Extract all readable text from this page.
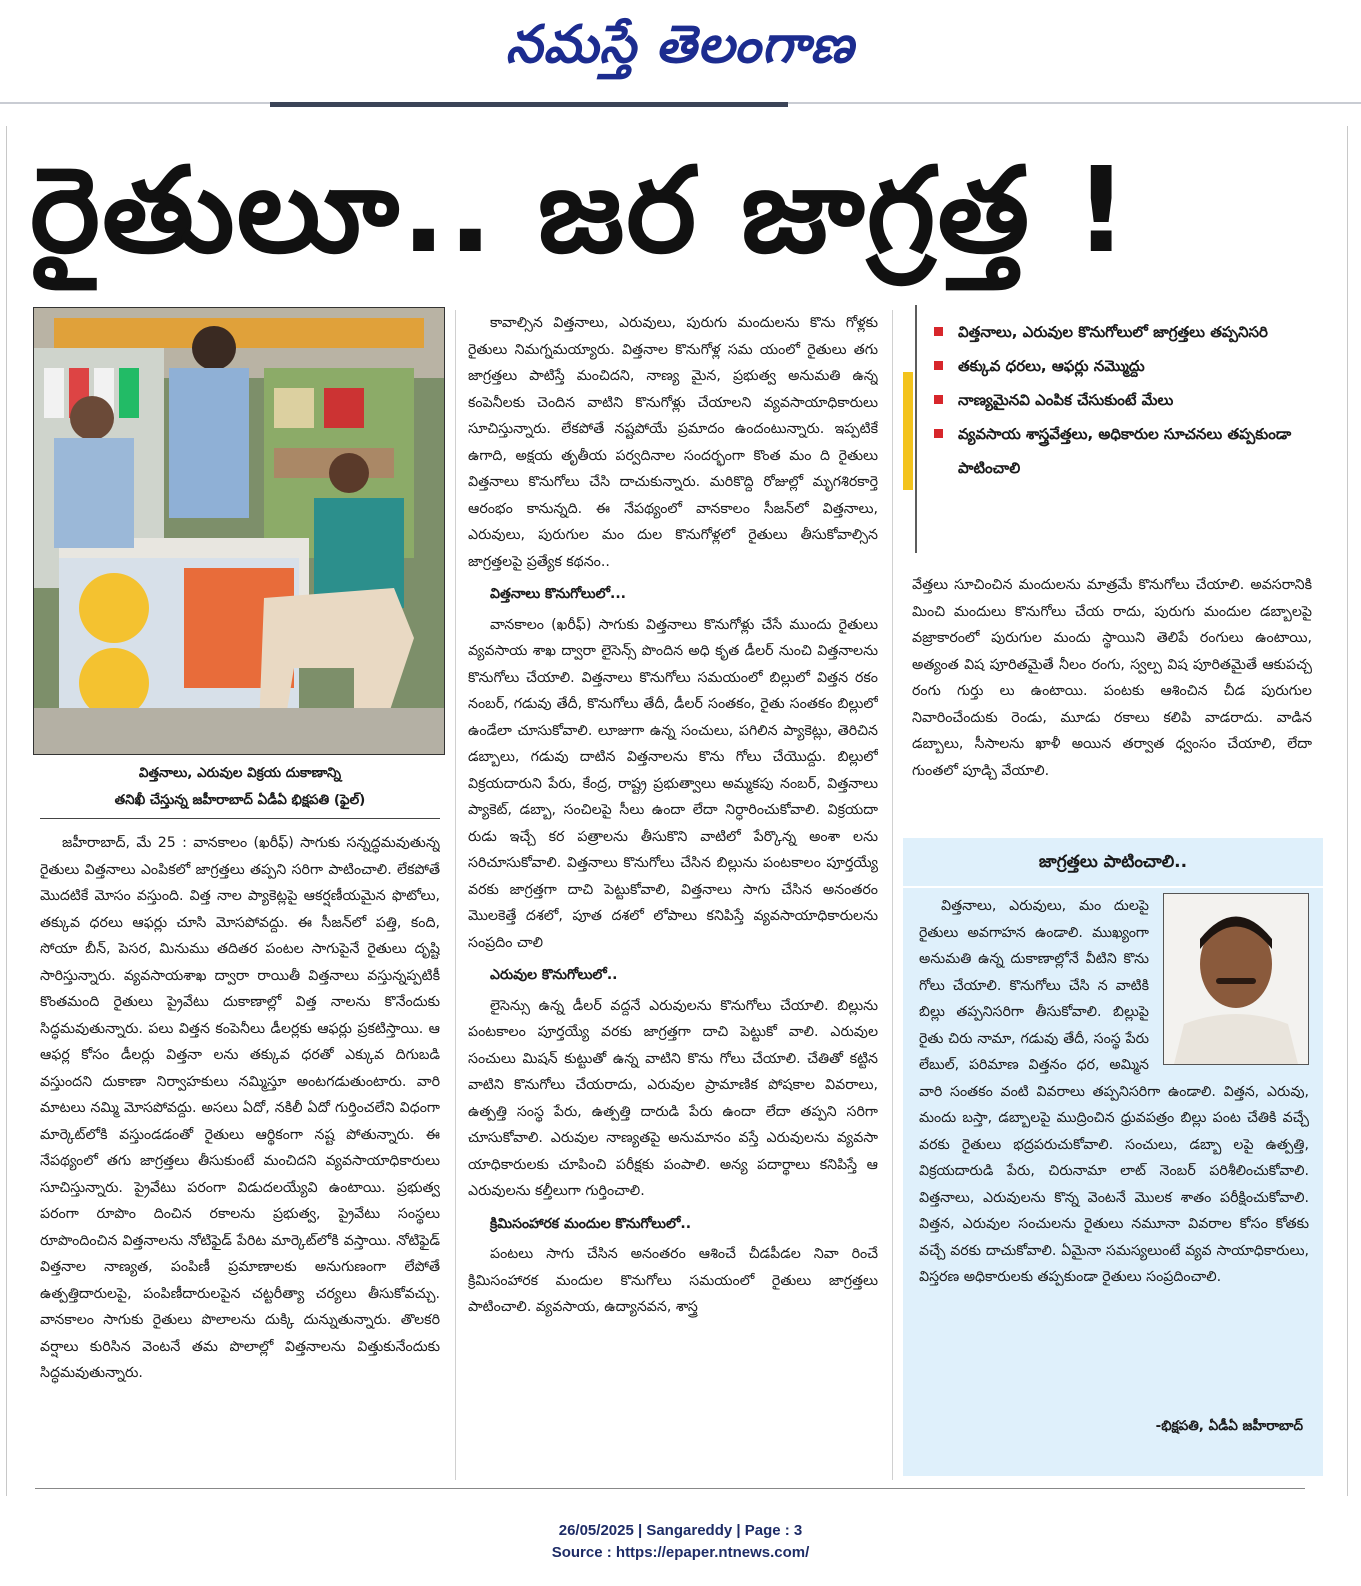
నమస్తే తెలంగాణ
రైతులూ.. జర జాగ్రత్త !
విత్తనాలు, ఎరువుల విక్రయ దుకాణాన్ని
తనిఖీ చేస్తున్న జహీరాబాద్ ఏడీఏ భిక్షపతి (ఫైల్)

జహీరాబాద్, మే 25 : వానకాలం (ఖరీఫ్) సాగుకు సన్నద్ధమవుతున్న రైతులు విత్తనాలు ఎంపికలో జాగ్రత్తలు తప్పని సరిగా పాటించాలి. లేకపోతే మొదటికే మోసం వస్తుంది. విత్త నాల ప్యాకెట్లపై ఆకర్షణీయమైన ఫొటోలు, తక్కువ ధరలు ఆఫర్లు చూసి మోసపోవద్దు. ఈ సీజన్‌లో పత్తి, కంది, సోయా బీన్, పెసర, మినుము తదితర పంటల సాగుపైనే రైతులు దృష్టి సారిస్తున్నారు. వ్యవసాయశాఖ ద్వారా రాయితీ విత్తనాలు వస్తున్నప్పటికీ కొంతమంది రైతులు ప్రైవేటు దుకాణాల్లో విత్త నాలను కొనేందుకు సిద్ధమవుతున్నారు. పలు విత్తన కంపెనీలు డీలర్లకు ఆఫర్లు ప్రకటిస్తాయి. ఆ ఆఫర్ల కోసం డీలర్లు విత్తనా లను తక్కువ ధరతో ఎక్కువ దిగుబడి వస్తుందని దుకాణా నిర్వాహకులు నమ్మిస్తూ అంటగడుతుంటారు. వారి మాటలు నమ్మి మోసపోవద్దు. అసలు ఏదో, నకిలీ ఏదో గుర్తించలేని విధంగా మార్కెట్‌లోకి వస్తుండడంతో రైతులు ఆర్థికంగా నష్ట పోతున్నారు. ఈ నేపథ్యంలో తగు జాగ్రత్తలు తీసుకుంటే మంచిదని వ్యవసాయాధికారులు సూచిస్తున్నారు. ప్రైవేటు పరంగా విడుదలయ్యేవి ఉంటాయి. ప్రభుత్వ పరంగా రూపొం దించిన రకాలను ప్రభుత్వ, ప్రైవేటు సంస్థలు రూపొందించిన విత్తనాలను నోటిఫైడ్ పేరిట మార్కెట్‌లోకి వస్తాయి. నోటిఫైడ్ విత్తనాల నాణ్యత, పంపిణీ ప్రమాణాలకు అనుగుణంగా లేపోతే ఉత్పత్తిదారులపై, పంపిణీదారులపైన చట్టరీత్యా చర్యలు తీసుకోవచ్చు. వానకాలం సాగుకు రైతులు పొలాలను దుక్కి దున్నుతున్నారు. తొలకరి వర్షాలు కురిసిన వెంటనే తమ పొలాల్లో విత్తనాలను విత్తుకునేందుకు సిద్ధమవుతున్నారు.

కావాల్సిన విత్తనాలు, ఎరువులు, పురుగు మందులను కొను గోళ్లకు రైతులు నిమగ్నమయ్యారు. విత్తనాల కొనుగోళ్ల సమ యంలో రైతులు తగు జాగ్రత్తలు పాటిస్తే మంచిదని, నాణ్య మైన, ప్రభుత్వ అనుమతి ఉన్న కంపెనీలకు చెందిన వాటిని కొనుగోళ్లు చేయాలని వ్యవసాయాధికారులు సూచిస్తున్నారు. లేకపోతే నష్టపోయే ప్రమాదం ఉందంటున్నారు. ఇప్పటికే ఉగాది, అక్షయ తృతీయ పర్వదినాల సందర్భంగా కొంత మం ది రైతులు విత్తనాలు కొనుగోలు చేసి దాచుకున్నారు. మరికొద్ది రోజుల్లో మృగశిరకార్తె ఆరంభం కానున్నది. ఈ నేపథ్యంలో వానకాలం సీజన్‌లో విత్తనాలు, ఎరువులు, పురుగుల మం దుల కొనుగోళ్లలో రైతులు తీసుకోవాల్సిన జాగ్రత్తలపై ప్రత్యేక కథనం..

విత్తనాలు కొనుగోలులో...

వానకాలం (ఖరీఫ్) సాగుకు విత్తనాలు కొనుగోళ్లు చేసే ముందు రైతులు వ్యవసాయ శాఖ ద్వారా లైసెన్స్ పొందిన అధి కృత డీలర్ నుంచి విత్తనాలను కొనుగోలు చేయాలి. విత్తనాలు కొనుగోలు సమయంలో బిల్లులో విత్తన రకం నంబర్, గడువు తేదీ, కొనుగోలు తేదీ, డీలర్ సంతకం, రైతు సంతకం బిల్లులో ఉండేలా చూసుకోవాలి. లూజుగా ఉన్న సంచులు, పగిలిన ప్యాకెట్లు, తెరిచిన డబ్బాలు, గడువు దాటిన విత్తనాలను కొను గోలు చేయొద్దు. బిల్లులో విక్రయదారుని పేరు, కేంద్ర, రాష్ట్ర ప్రభుత్వాలు అమ్మకపు నంబర్, విత్తనాలు ప్యాకెట్, డబ్బా, సంచిలపై సీలు ఉందా లేదా నిర్ధారించుకోవాలి. విక్రయదా రుడు ఇచ్చే కర పత్రాలను తీసుకొని వాటిలో పేర్కొన్న అంశా లను సరిచూసుకోవాలి. విత్తనాలు కొనుగోలు చేసిన బిల్లును పంటకాలం పూర్తయ్యే వరకు జాగ్రత్తగా దాచి పెట్టుకోవాలి, విత్తనాలు సాగు చేసిన అనంతరం మొలకెత్తే దశలో, పూత దశలో లోపాలు కనిపిస్తే వ్యవసాయాధికారులను సంప్రదిం చాలి

ఎరువుల కొనుగోలులో..

లైసెన్సు ఉన్న డీలర్ వద్దనే ఎరువులను కొనుగోలు చేయాలి. బిల్లును పంటకాలం పూర్తయ్యే వరకు జాగ్రత్తగా దాచి పెట్టుకో వాలి. ఎరువుల సంచులు మిషన్ కుట్టుతో ఉన్న వాటిని కొను గోలు చేయాలి. చేతితో కట్టిన వాటిని కొనుగోలు చేయరాదు, ఎరువుల ప్రామాణిక పోషకాల వివరాలు, ఉత్పత్తి సంస్థ పేరు, ఉత్పత్తి దారుడి పేరు ఉందా లేదా తప్పని సరిగా చూసుకోవాలి. ఎరువుల నాణ్యతపై అనుమానం వస్తే ఎరువులను వ్యవసా యాధికారులకు చూపించి పరీక్షకు పంపాలి. అన్య పదార్థాలు కనిపిస్తే ఆ ఎరువులను కల్తీలుగా గుర్తించాలి.

క్రిమిసంహారక మందుల కొనుగోలులో..

పంటలు సాగు చేసిన అనంతరం ఆశించే చీడపీడల నివా రించే క్రిమిసంహారక మందుల కొనుగోలు సమయంలో రైతులు జాగ్రత్తలు పాటించాలి. వ్యవసాయ, ఉద్యానవన, శాస్త్ర

విత్తనాలు, ఎరువుల కొనుగోలులో జాగ్రత్తలు తప్పనిసరి
తక్కువ ధరలు, ఆఫర్లు నమ్మొద్దు
నాణ్యమైనవి ఎంపిక చేసుకుంటే మేలు
వ్యవసాయ శాస్త్రవేత్తలు, అధికారుల సూచనలు తప్పకుండా పాటించాలి

వేత్తలు సూచించిన మందులను మాత్రమే కొనుగోలు చేయాలి. అవసరానికి మించి మందులు కొనుగోలు చేయ రాదు, పురుగు మందుల డబ్బాలపై వజ్రాకారంలో పురుగుల మందు స్థాయిని తెలిపే రంగులు ఉంటాయి, అత్యంత విష పూరితమైతే నీలం రంగు, స్వల్ప విష పూరితమైతే ఆకుపచ్చ రంగు గుర్తు లు ఉంటాయి. పంటకు ఆశించిన చీడ పురుగుల నివారించేందుకు రెండు, మూడు రకాలు కలిపి వాడరాదు. వాడిన డబ్బాలు, సీసాలను ఖాళీ అయిన తర్వాత ధ్వంసం చేయాలి, లేదా గుంతలో పూడ్చి వేయాలి.

జాగ్రత్తలు పాటించాలి..

విత్తనాలు, ఎరువులు, మం దులపై రైతులు అవగాహన ఉండాలి. ముఖ్యంగా అనుమతి ఉన్న దుకాణాల్లోనే వీటిని కొను గోలు చేయాలి. కొనుగోలు చేసి న వాటికి బిల్లు తప్పనిసరిగా తీసుకోవాలి. బిల్లుపై రైతు చిరు నామా, గడువు తేదీ, సంస్థ పేరు లేబుల్, పరిమాణ విత్తనం ధర, అమ్మిన వారి సంతకం వంటి వివరాలు తప్పనిసరిగా ఉండాలి. విత్తన, ఎరువు, మందు బస్తా, డబ్బాలపై ముద్రించిన ధ్రువపత్రం బిల్లు పంట చేతికి వచ్చే వరకు రైతులు భద్రపరుచుకోవాలి. సంచులు, డబ్బా లపై ఉత్పత్తి, విక్రయదారుడి పేరు, చిరునామా లాట్ నెంబర్ పరిశీలించుకోవాలి. విత్తనాలు, ఎరువులను కొన్న వెంటనే మొలక శాతం పరీక్షించుకోవాలి. విత్తన, ఎరువుల సంచులను రైతులు నమూనా వివరాల కోసం కోతకు వచ్చే వరకు దాచుకోవాలి. ఏమైనా సమస్యలుంటే వ్యవ సాయాధికారులు, విస్తరణ అధికారులకు తప్పకుండా రైతులు సంప్రదించాలి.

-భిక్షపతి, ఏడీఏ జహీరాబాద్
26/05/2025 | Sangareddy | Page : 3
Source : https://epaper.ntnews.com/
